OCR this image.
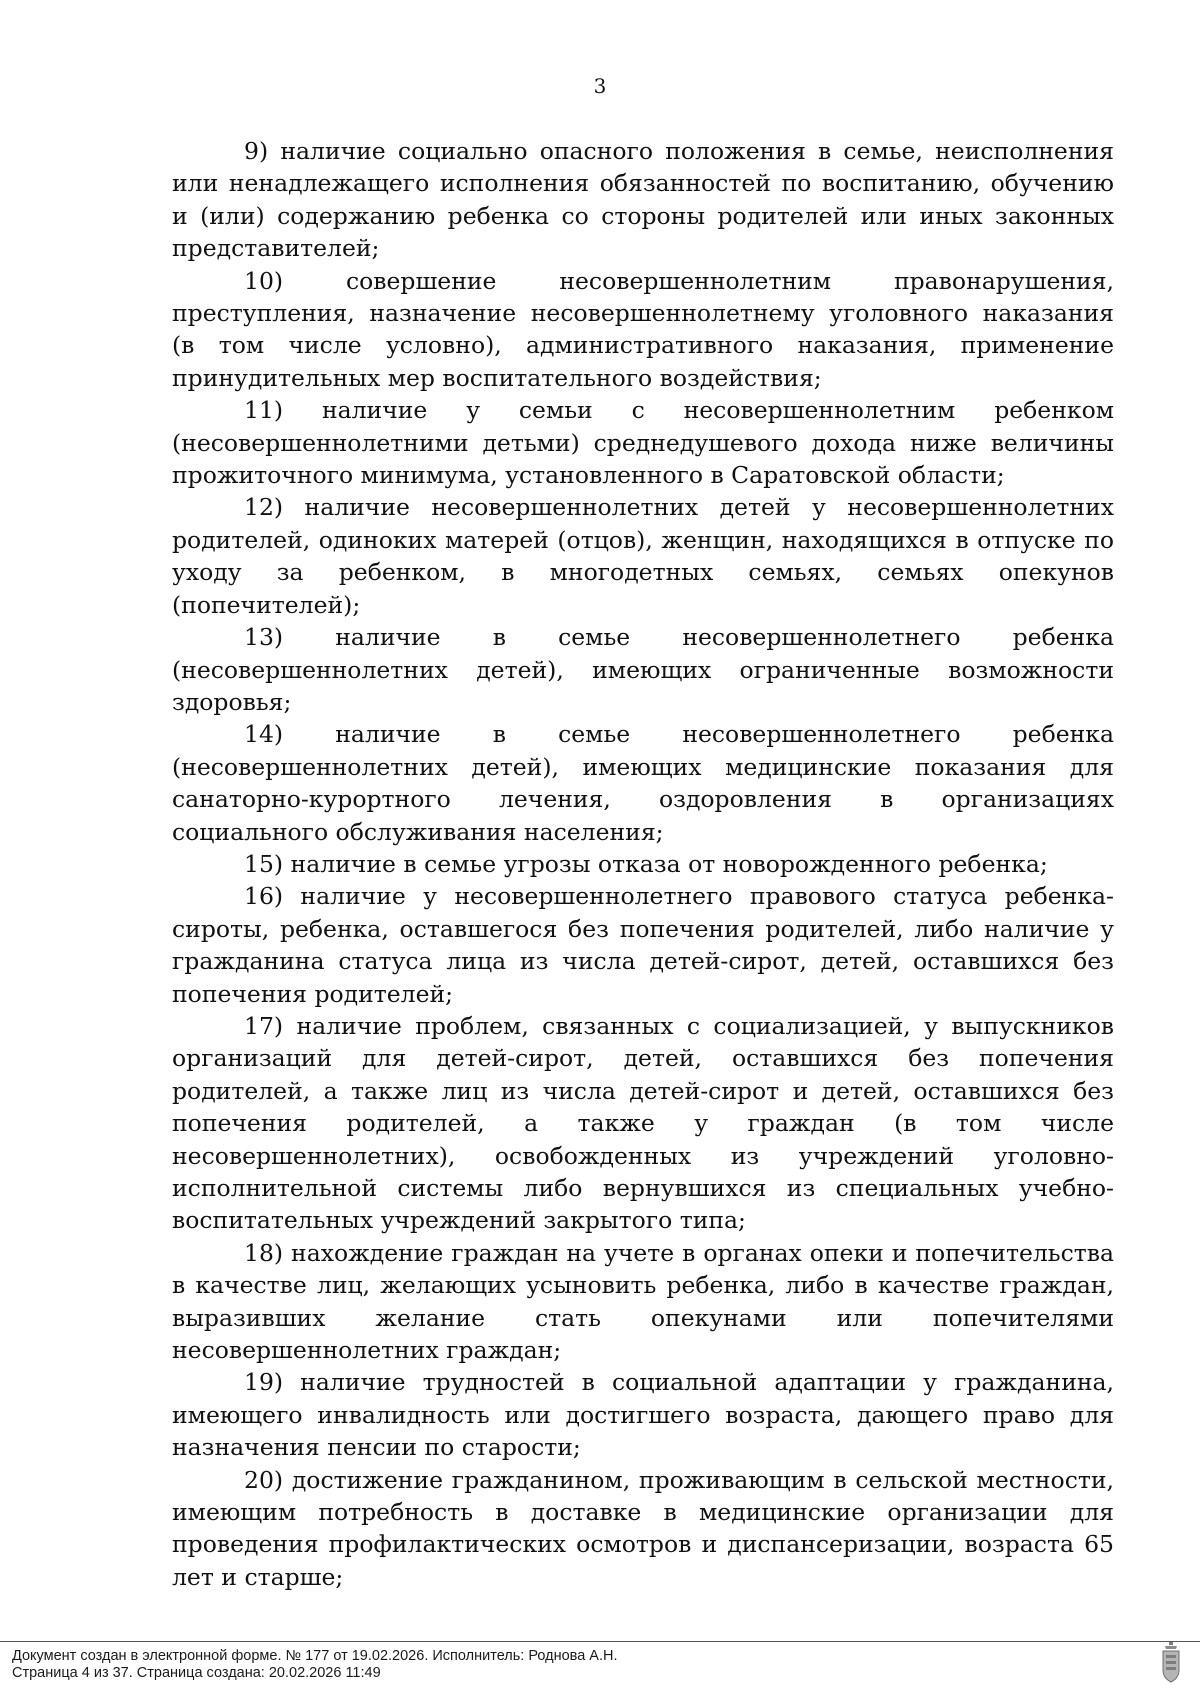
3

9) наличие социально опасного положения в семье, неисполнения или ненадлежащего исполнения обязанностей по воспитанию, обучению и (или) содержанию ребенка со стороны родителей или иных законных представителей;

10) совершение несовершеннолетним правонарушения, преступления, назначение несовершеннолетнему уголовного наказания (в том числе условно), административного наказания, применение принудительных мер воспитательного воздействия;

11) наличие у семьи с несовершеннолетним ребенком (несовершеннолетними детьми) среднедушевого дохода ниже величины прожиточного минимума, установленного в Саратовской области;

12) наличие несовершеннолетних детей у несовершеннолетних родителей, одиноких матерей (отцов), женщин, находящихся в отпуске по уходу за ребенком, в многодетных семьях, семьях опекунов (попечителей);

13) наличие в семье несовершеннолетнего ребенка (несовершеннолетних детей), имеющих ограниченные возможности здоровья;

14) наличие в семье несовершеннолетнего ребенка (несовершеннолетних детей), имеющих медицинские показания для санаторно-курортного лечения, оздоровления в организациях социального обслуживания населения;

15) наличие в семье угрозы отказа от новорожденного ребенка;

16) наличие у несовершеннолетнего правового статуса ребенка-сироты, ребенка, оставшегося без попечения родителей, либо наличие у гражданина статуса лица из числа детей-сирот, детей, оставшихся без попечения родителей;

17) наличие проблем, связанных с социализацией, у выпускников организаций для детей-сирот, детей, оставшихся без попечения родителей, а также лиц из числа детей-сирот и детей, оставшихся без попечения родителей, а также у граждан (в том числе несовершеннолетних), освобожденных из учреждений уголовно-исполнительной системы либо вернувшихся из специальных учебно-воспитательных учреждений закрытого типа;

18) нахождение граждан на учете в органах опеки и попечительства в качестве лиц, желающих усыновить ребенка, либо в качестве граждан, выразивших желание стать опекунами или попечителями несовершеннолетних граждан;

19) наличие трудностей в социальной адаптации у гражданина, имеющего инвалидность или достигшего возраста, дающего право для назначения пенсии по старости;

20) достижение гражданином, проживающим в сельской местности, имеющим потребность в доставке в медицинские организации для проведения профилактических осмотров и диспансеризации, возраста 65 лет и старше;

Документ создан в электронной форме. № 177 от 19.02.2026. Исполнитель: Роднова А.Н.
Страница 4 из 37. Страница создана: 20.02.2026 11:49
